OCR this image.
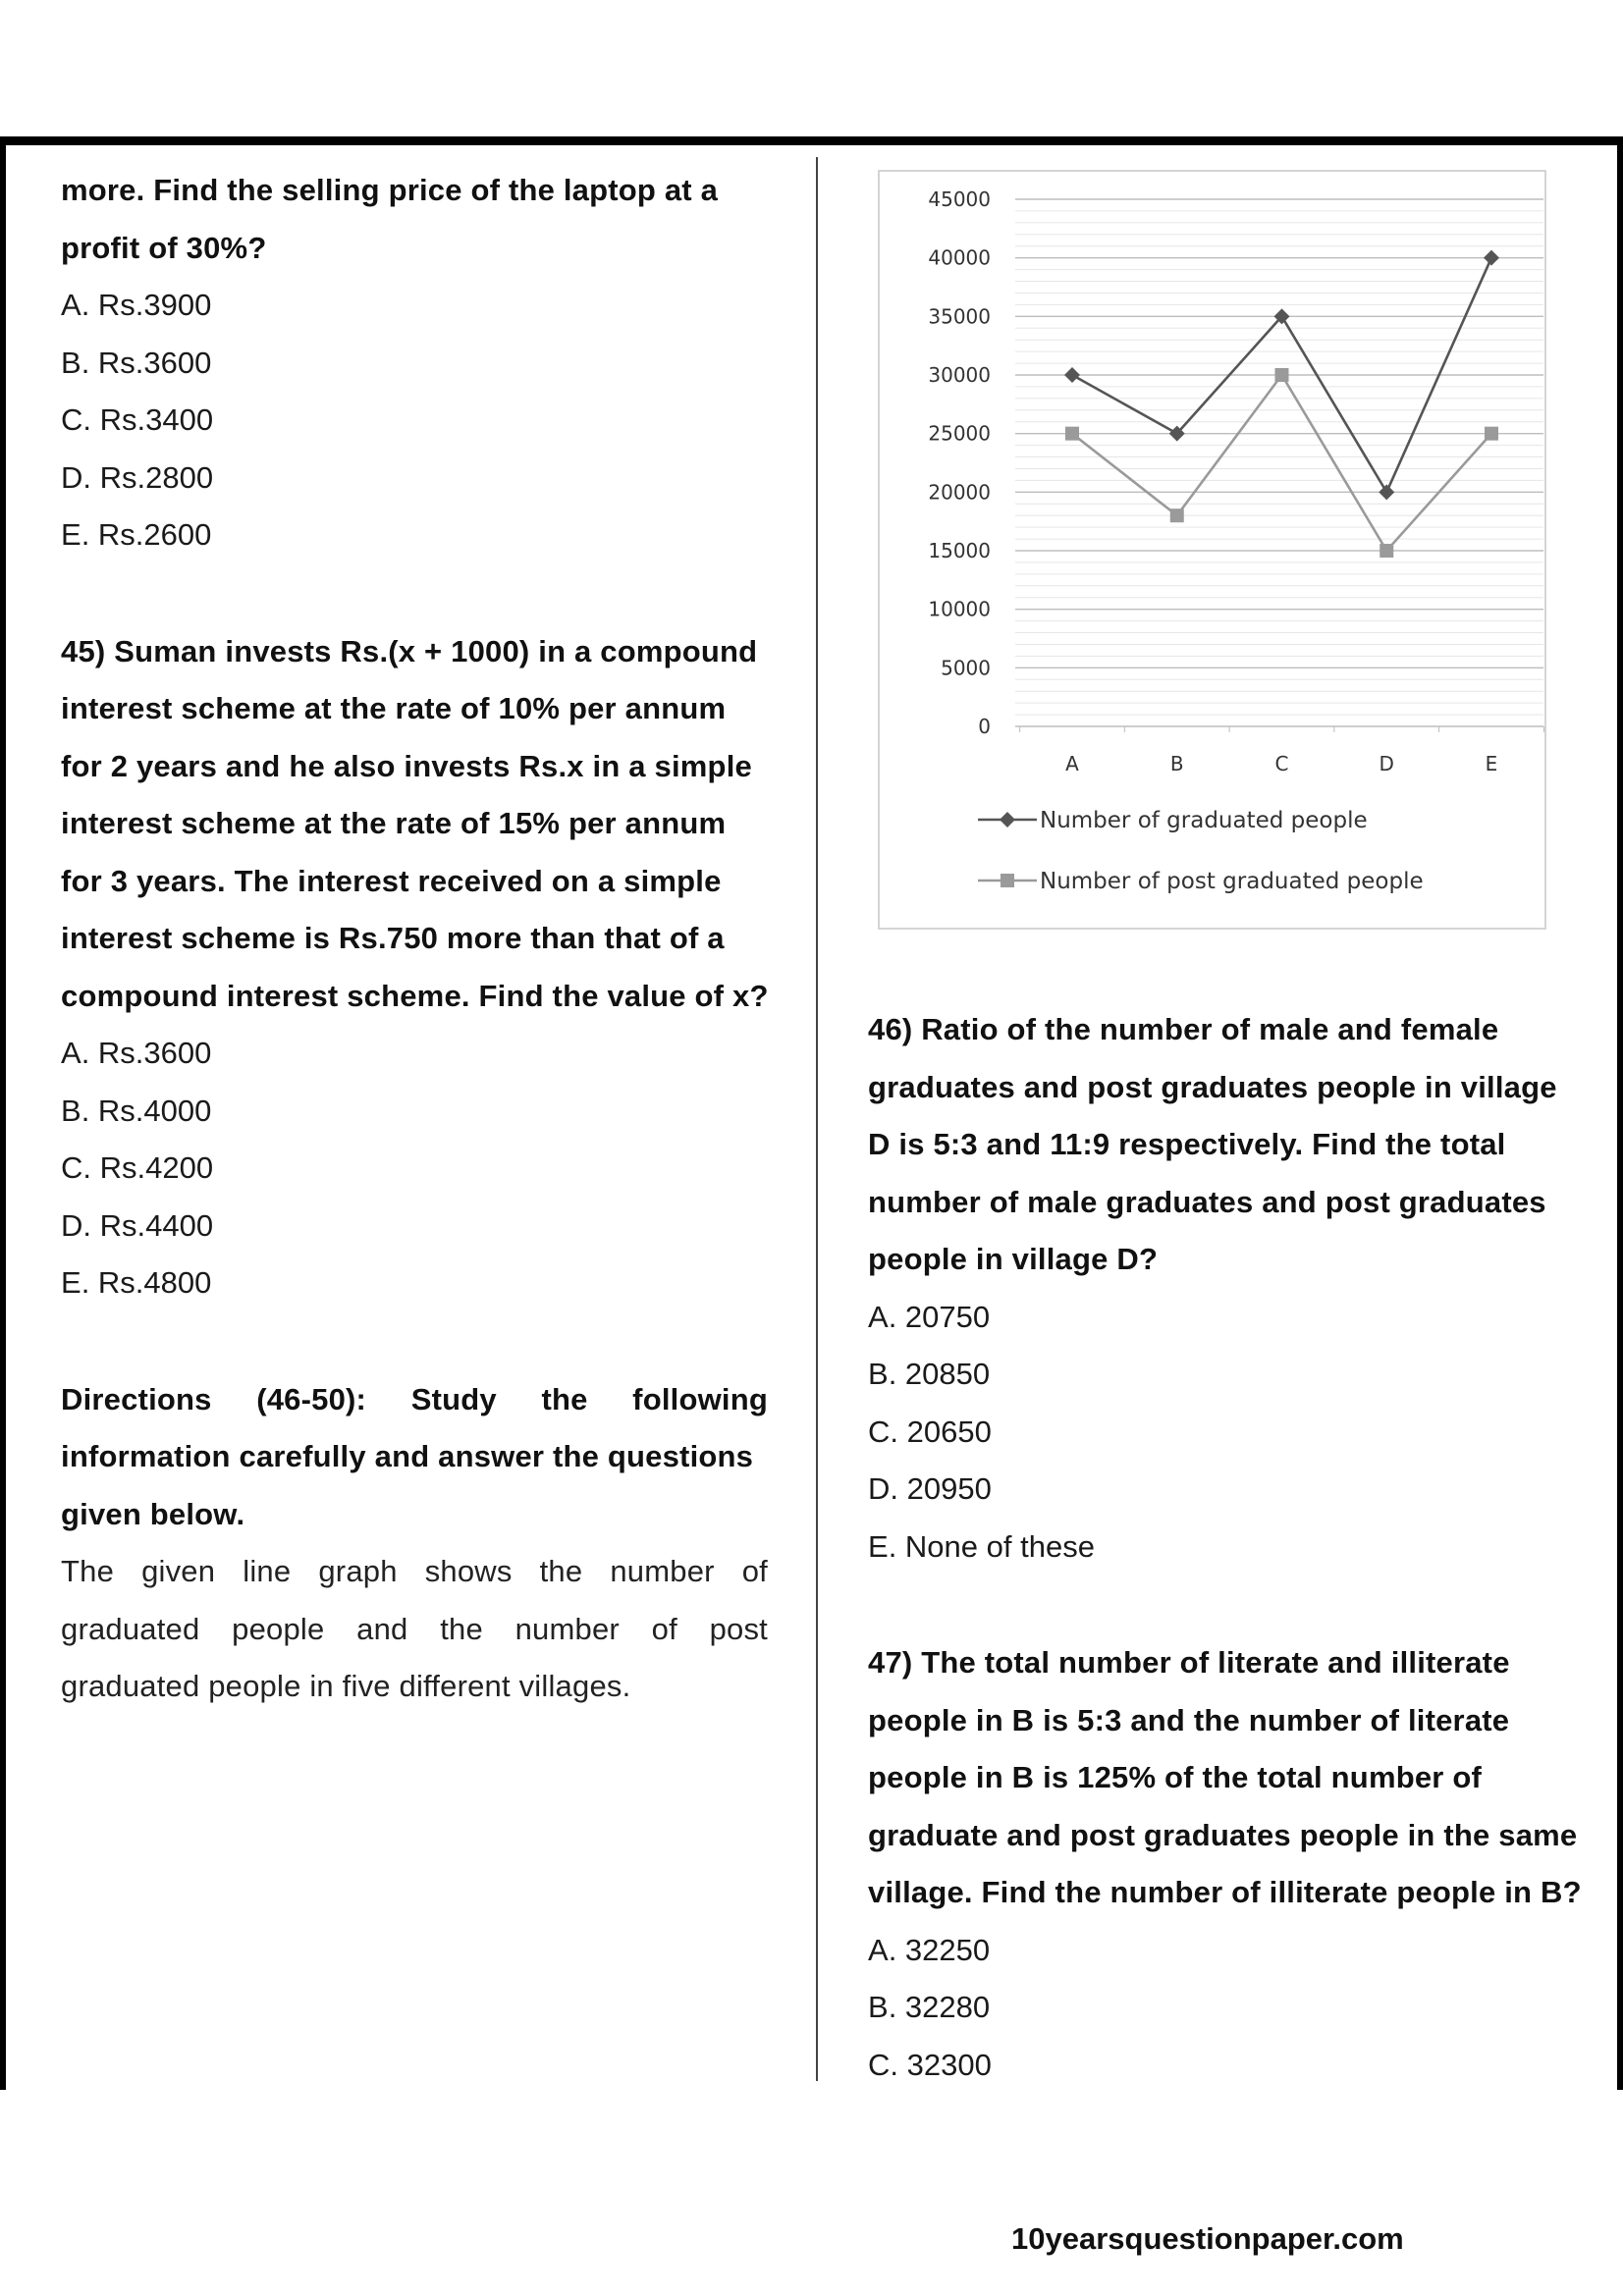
more. Find the selling price of the laptop at a
profit of 30%?
A. Rs.3900
B. Rs.3600
C. Rs.3400
D. Rs.2800
E. Rs.2600
45) Suman invests Rs.(x + 1000) in a compound
interest scheme at the rate of 10% per annum
for 2 years and he also invests Rs.x in a simple
interest scheme at the rate of 15% per annum
for 3 years. The interest received on a simple
interest scheme is Rs.750 more than that of a
compound interest scheme. Find the value of x?
A. Rs.3600
B. Rs.4000
C. Rs.4200
D. Rs.4400
E. Rs.4800
Directions (46-50): Study the following
information carefully and answer the questions
given below.
The given line graph shows the number of
graduated people and the number of post
graduated people in five different villages.
0
5000
10000
15000
20000
25000
30000
35000
40000
45000
A	B	C	D	E
Number of graduated people
Number of post graduated people
46) Ratio of the number of male and female
graduates and post graduates people in village
D is 5:3 and 11:9 respectively. Find the total
number of male graduates and post graduates
people in village D?
A. 20750
B. 20850
C. 20650
D. 20950
E. None of these
47) The total number of literate and illiterate
people in B is 5:3 and the number of literate
people in B is 125% of the total number of
graduate and post graduates people in the same
village. Find the number of illiterate people in B?
A. 32250
B. 32280
C. 32300
10yearsquestionpaper.com
